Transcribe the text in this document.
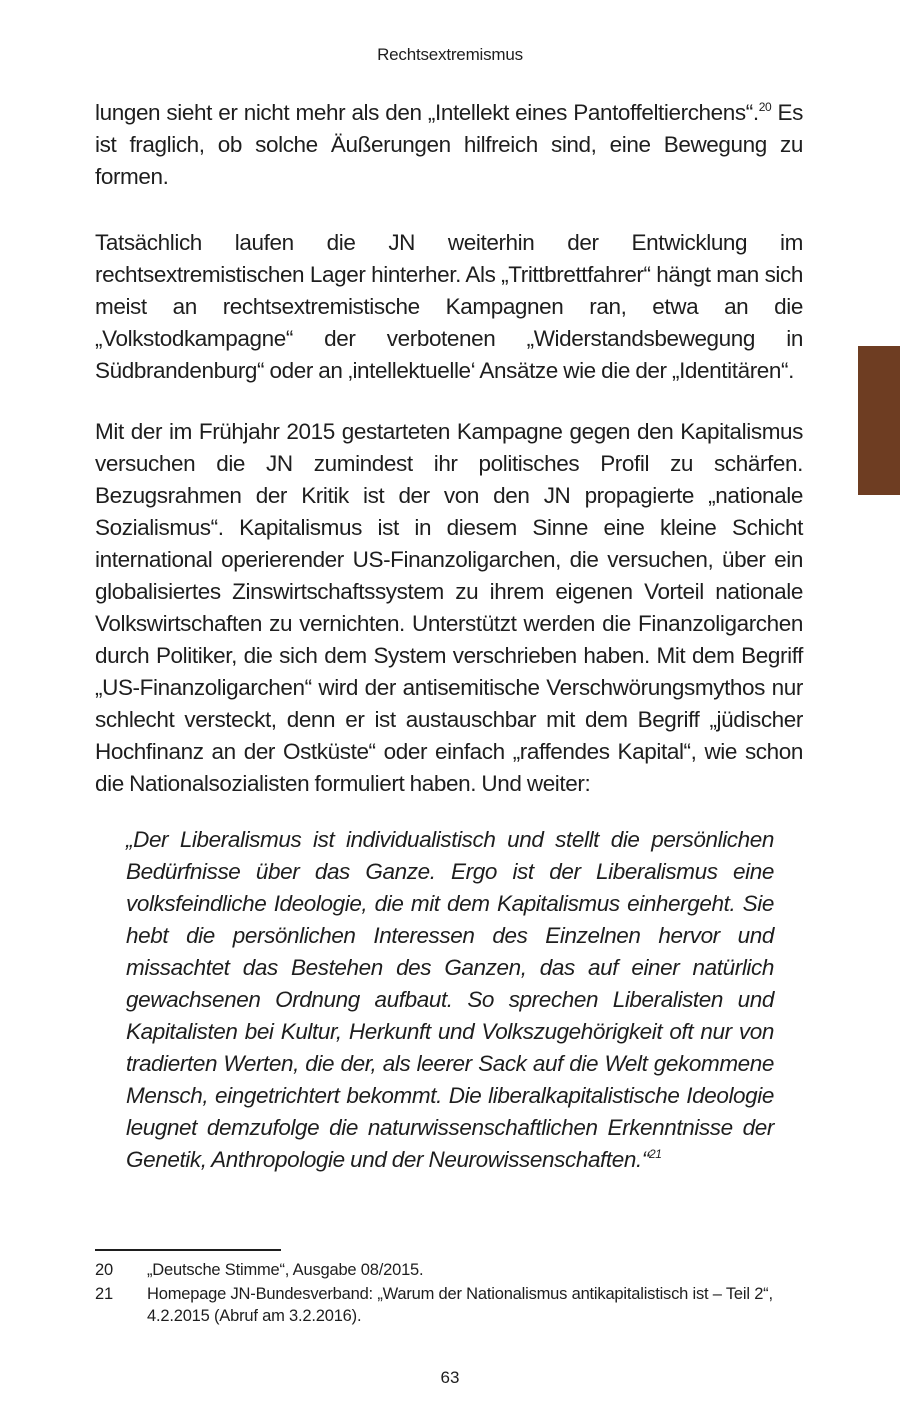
Rechtsextremismus

lungen sieht er nicht mehr als den „Intellekt eines Pantoffeltierchens“.$^{20}$ Es ist fraglich, ob solche Äußerungen hilfreich sind, eine Bewegung zu formen.

Tatsächlich laufen die JN weiterhin der Entwicklung im rechtsextremistischen Lager hinterher. Als „Trittbrettfahrer“ hängt man sich meist an rechtsextremistische Kampagnen ran, etwa an die „Volkstodkampagne“ der verbotenen „Widerstandsbewegung in Südbrandenburg“ oder an ‚intellektuelle‘ Ansätze wie die der „Identitären“.

Mit der im Frühjahr 2015 gestarteten Kampagne gegen den Kapitalismus versuchen die JN zumindest ihr politisches Profil zu schärfen. Bezugsrahmen der Kritik ist der von den JN propagierte „nationale Sozialismus“. Kapitalismus ist in diesem Sinne eine kleine Schicht international operierender US-Finanzoligarchen, die versuchen, über ein globalisiertes Zinswirtschaftssystem zu ihrem eigenen Vorteil nationale Volkswirtschaften zu vernichten. Unterstützt werden die Finanzoligarchen durch Politiker, die sich dem System verschrieben haben. Mit dem Begriff „US-Finanzoligarchen“ wird der antisemitische Verschwörungsmythos nur schlecht versteckt, denn er ist austauschbar mit dem Begriff „jüdischer Hochfinanz an der Ostküste“ oder einfach „raffendes Kapital“, wie schon die Nationalsozialisten formuliert haben. Und weiter:

„Der Liberalismus ist individualistisch und stellt die persönlichen Bedürfnisse über das Ganze. Ergo ist der Liberalismus eine volksfeindliche Ideologie, die mit dem Kapitalismus einhergeht. Sie hebt die persönlichen Interessen des Einzelnen hervor und missachtet das Bestehen des Ganzen, das auf einer natürlich gewachsenen Ordnung aufbaut. So sprechen Liberalisten und Kapitalisten bei Kultur, Herkunft und Volkszugehörigkeit oft nur von tradierten Werten, die der, als leerer Sack auf die Welt gekommene Mensch, eingetrichtert bekommt. Die liberalkapitalistische Ideologie leugnet demzufolge die naturwissenschaftlichen Erkenntnisse der Genetik, Anthropologie und der Neurowissenschaften.“$^{21}$

20	„Deutsche Stimme“, Ausgabe 08/2015.
21	Homepage JN-Bundesverband: „Warum der Nationalismus antikapitalistisch ist – Teil 2“, 4.2.2015 (Abruf am 3.2.2016).
63
